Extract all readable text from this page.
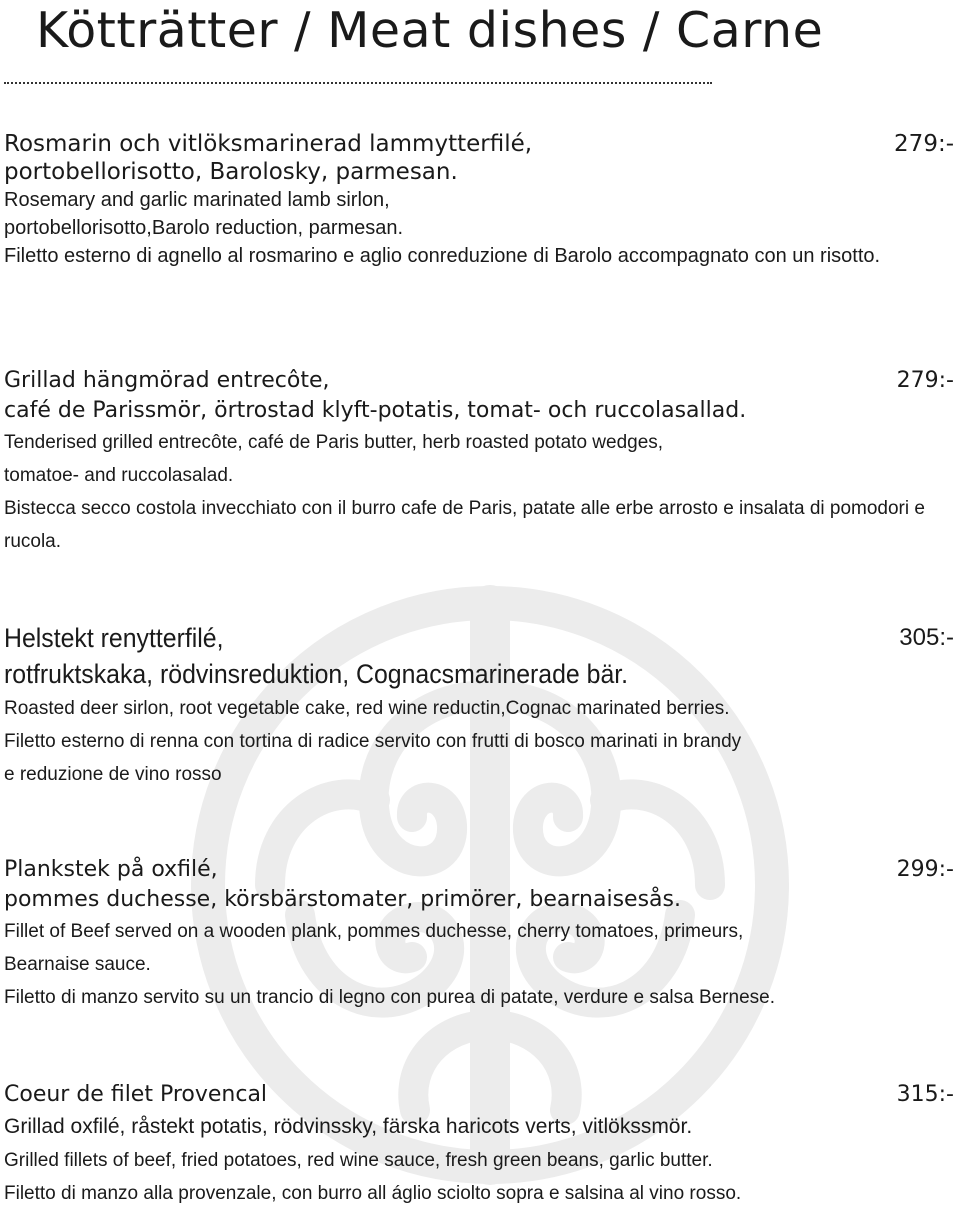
Kötträtter / Meat dishes / Carne
Rosmarin och vitlöksmarinerad lammytterfilé,	279:-
portobellorisotto, Barolosky, parmesan.
Rosemary and garlic marinated lamb sirlon,
portobellorisotto,Barolo reduction, parmesan.
Filetto esterno di agnello al rosmarino e aglio conreduzione di Barolo accompagnato con un risotto.
Grillad hängmörad entrecôte,	279:-
café de Parissmör, örtrostad klyft-potatis, tomat- och ruccolasallad.
Tenderised grilled entrecôte, café de Paris butter, herb roasted potato wedges,
tomatoe- and ruccolasalad.
Bistecca secco costola invecchiato con il burro cafe de Paris, patate alle erbe arrosto e insalata di pomodori e rucola.
Helstekt renytterfilé,	305:-
rotfruktskaka, rödvinsreduktion, Cognacsmarinerade bär.
Roasted deer sirlon, root vegetable cake, red wine reductin,Cognac marinated berries.
Filetto esterno di renna con tortina di radice servito con frutti di bosco marinati in brandy
e reduzione de vino rosso
Plankstek på oxfilé,	299:-
pommes duchesse, körsbärstomater, primörer, bearnaisesås.
Fillet of Beef served on a wooden plank, pommes duchesse, cherry tomatoes, primeurs,
Bearnaise sauce.
Filetto di manzo servito su un trancio di legno con purea di patate, verdure e salsa Bernese.
Coeur de filet Provencal	315:-
Grillad oxfilé, råstekt potatis, rödvinssky, färska haricots verts, vitlökssmör.
Grilled fillets of beef, fried potatoes, red wine sauce, fresh green beans, garlic butter.
Filetto di manzo alla provenzale, con burro all áglio sciolto sopra e salsina al vino rosso.
